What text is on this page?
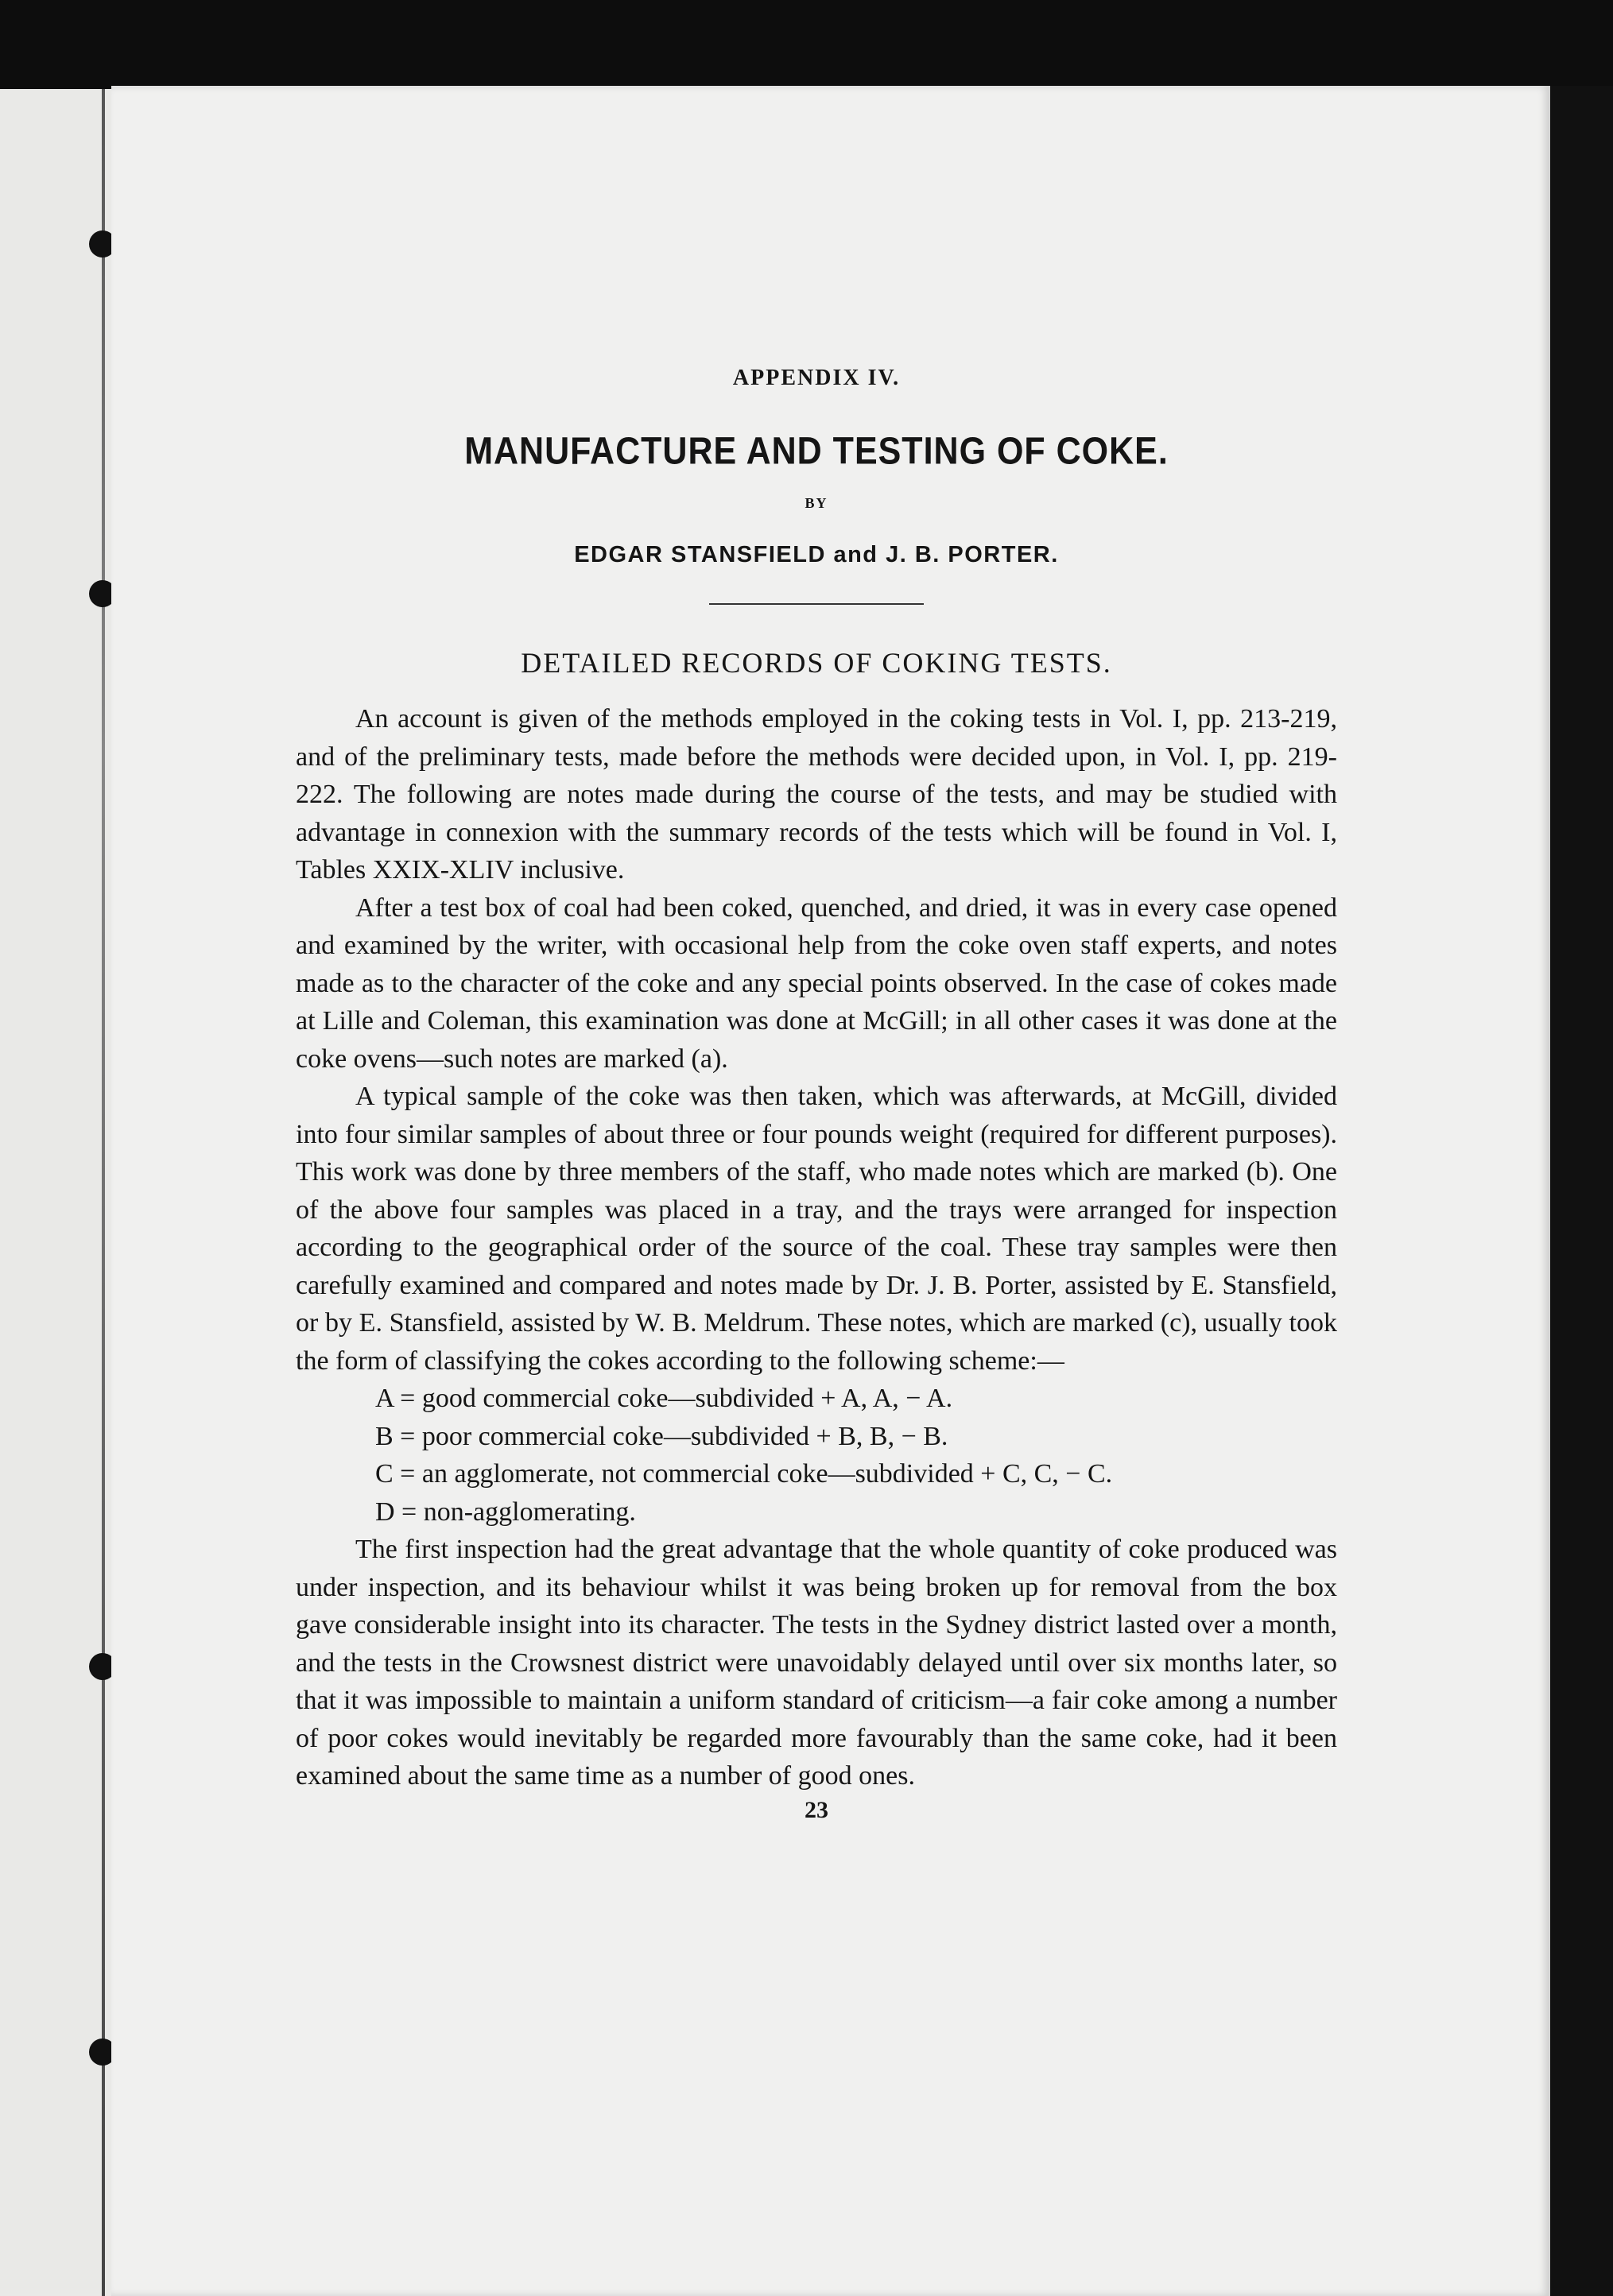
APPENDIX IV.
MANUFACTURE AND TESTING OF COKE.
BY
EDGAR STANSFIELD and J. B. PORTER.
DETAILED RECORDS OF COKING TESTS.

An account is given of the methods employed in the coking tests in Vol. I, pp. 213-219, and of the preliminary tests, made before the methods were decided upon, in Vol. I, pp. 219-222. The following are notes made during the course of the tests, and may be studied with advantage in connexion with the summary records of the tests which will be found in Vol. I, Tables XXIX-XLIV inclusive.

After a test box of coal had been coked, quenched, and dried, it was in every case opened and examined by the writer, with occasional help from the coke oven staff experts, and notes made as to the character of the coke and any special points observed. In the case of cokes made at Lille and Coleman, this examination was done at McGill; in all other cases it was done at the coke ovens—such notes are marked (a).

A typical sample of the coke was then taken, which was afterwards, at McGill, divided into four similar samples of about three or four pounds weight (required for different purposes). This work was done by three members of the staff, who made notes which are marked (b). One of the above four samples was placed in a tray, and the trays were arranged for inspection according to the geographical order of the source of the coal. These tray samples were then carefully examined and compared and notes made by Dr. J. B. Porter, assisted by E. Stansfield, or by E. Stansfield, assisted by W. B. Meldrum. These notes, which are marked (c), usually took the form of classifying the cokes according to the following scheme:—

A = good commercial coke—subdivided + A, A, − A.
B = poor commercial coke—subdivided + B, B, − B.
C = an agglomerate, not commercial coke—subdivided + C, C, − C.
D = non-agglomerating.

The first inspection had the great advantage that the whole quantity of coke produced was under inspection, and its behaviour whilst it was being broken up for removal from the box gave considerable insight into its character. The tests in the Sydney district lasted over a month, and the tests in the Crowsnest district were unavoidably delayed until over six months later, so that it was impossible to maintain a uniform standard of criticism—a fair coke among a number of poor cokes would inevitably be regarded more favourably than the same coke, had it been examined about the same time as a number of good ones.

23
